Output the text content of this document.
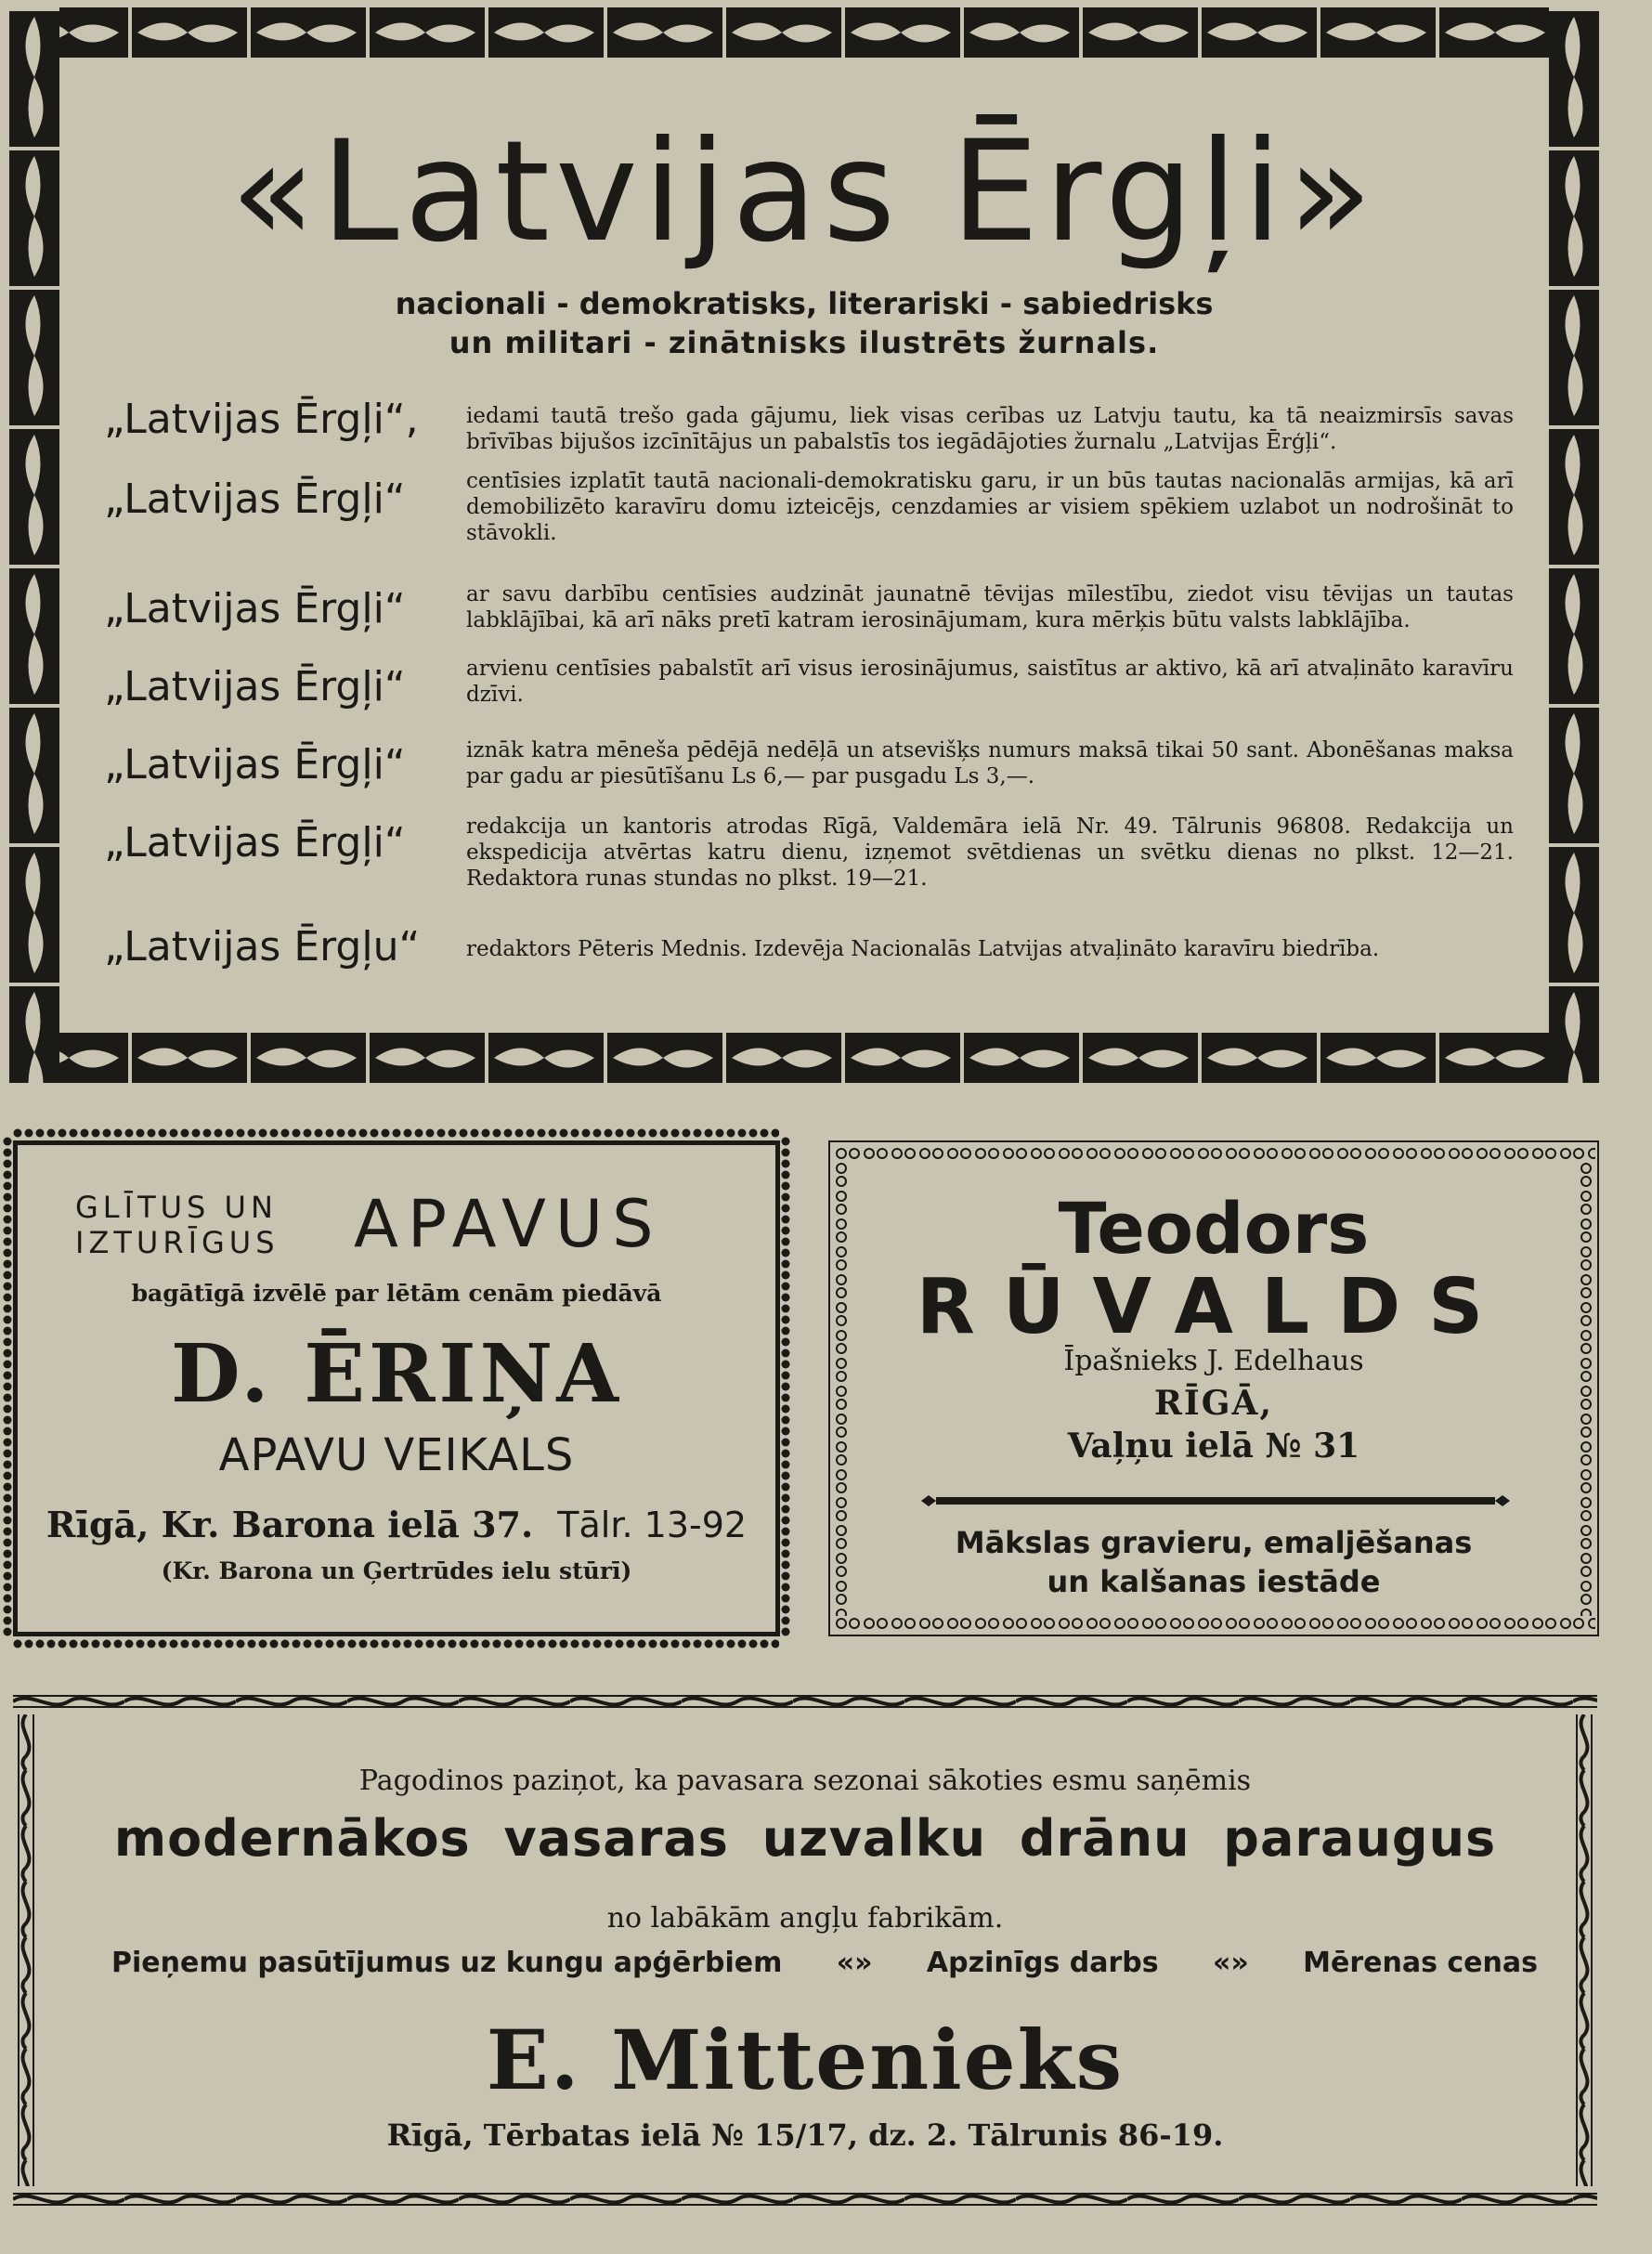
«Latvijas Ērgļi»
nacionali - demokratisks, literariski - sabiedrisks
un militari - zinātnisks ilustrēts žurnals.
„Latvijas Ērgļi“,	iedami tautā trešo gada gājumu, liek visas cerības uz Latvju tautu, ka tā neaizmirsīs savas brīvības bijušos izcīnītājus un pabalstīs tos iegādājoties žurnalu „Latvijas Ērģļi“.
„Latvijas Ērgļi“	centīsies izplatīt tautā nacionali-demokratisku garu, ir un būs tautas nacionalās armijas, kā arī demobilizēto karavīru domu izteicējs, cenzdamies ar visiem spēkiem uzlabot un nodrošināt to stāvokli.
„Latvijas Ērgļi“	ar savu darbību centīsies audzināt jaunatnē tēvijas mīlestību, ziedot visu tēvijas un tautas labklājībai, kā arī nāks pretī katram ierosinājumam, kura mērķis būtu valsts labklājība.
„Latvijas Ērgļi“	arvienu centīsies pabalstīt arī visus ierosinājumus, saistītus ar aktivo, kā arī atvaļināto karavīru dzīvi.
„Latvijas Ērgļi“	iznāk katra mēneša pēdējā nedēļā un atsevišķs numurs maksā tikai 50 sant. Abonēšanas maksa par gadu ar piesūtīšanu Ls 6,— par pusgadu Ls 3,—.
„Latvijas Ērgļi“	redakcija un kantoris atrodas Rīgā, Valdemāra ielā Nr. 49. Tālrunis 96808. Redakcija un ekspedicija atvērtas katru dienu, izņemot svētdienas un svētku dienas no plkst. 12—21. Redaktora runas stundas no plkst. 19—21.
„Latvijas Ērgļu“	redaktors Pēteris Mednis. Izdevēja Nacionalās Latvijas atvaļināto karavīru biedrība.
GLĪTUS UN
IZTURĪGUS APAVUS
bagātīgā izvēlē par lētām cenām piedāvā
D. ĒRIŅA
APAVU VEIKALS
Rīgā, Kr. Barona ielā 37. Tālr. 13-92
(Kr. Barona un Ģertrūdes ielu stūrī)
Teodors
RŪVALDS
Īpašnieks J. Edelhaus
RĪGĀ,
Vaļņu ielā № 31
Mākslas gravieru, emaljēšanas
un kalšanas iestāde
Pagodinos paziņot, ka pavasara sezonai sākoties esmu saņēmis
modernākos vasaras uzvalku drānu paraugus
no labākām angļu fabrikām.
Pieņemu pasūtījumus uz kungu apģērbiem «» Apzinīgs darbs «» Mērenas cenas
E. Mittenieks
Rīgā, Tērbatas ielā № 15/17, dz. 2. Tālrunis 86-19.
